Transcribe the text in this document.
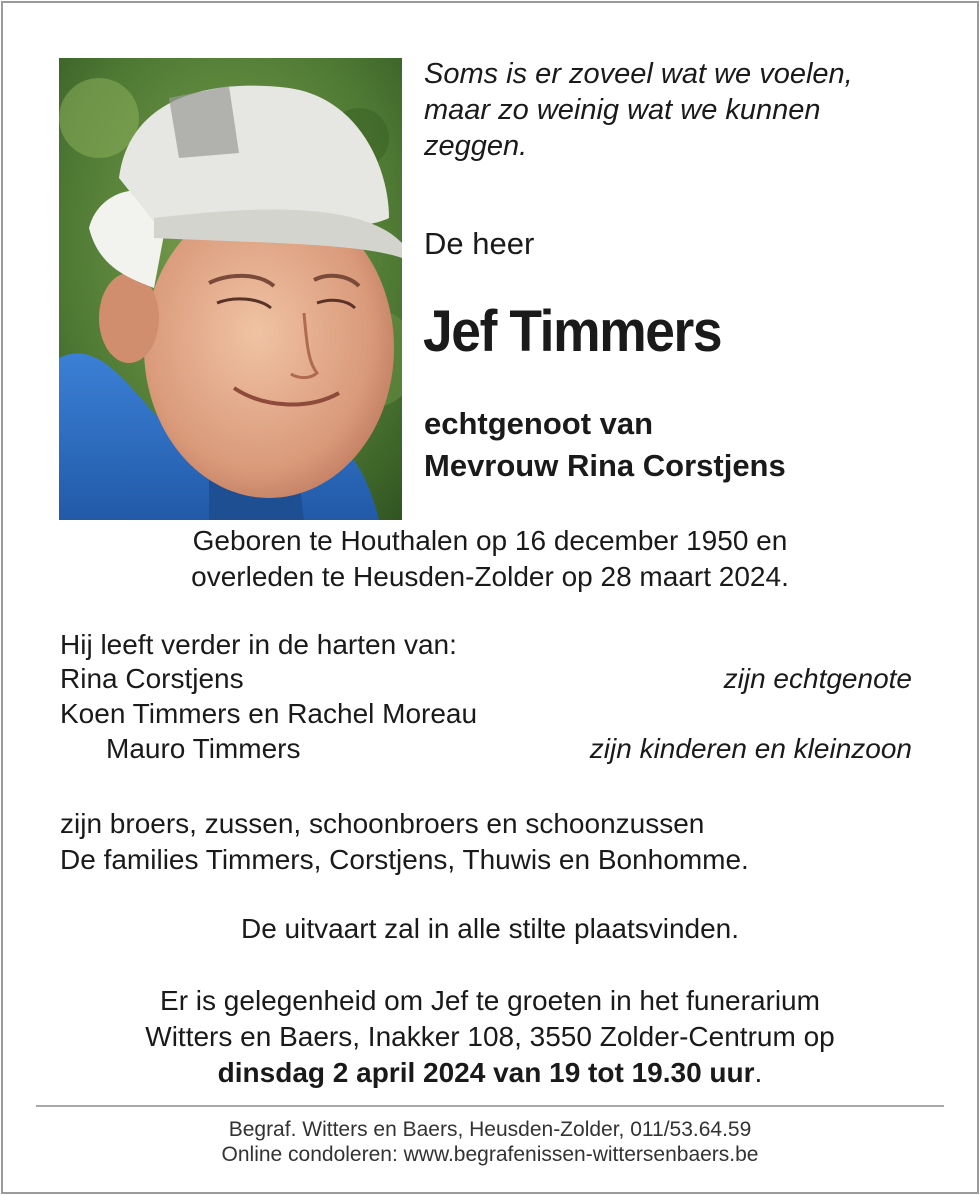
Soms is er zoveel wat we voelen,
maar zo weinig wat we kunnen
zeggen.
De heer
Jef Timmers
echtgenoot van
Mevrouw Rina Corstjens
Geboren te Houthalen op 16 december 1950 en
overleden te Heusden-Zolder op 28 maart 2024.
Hij leeft verder in de harten van:
Rina Corstjens	zijn echtgenote
Koen Timmers en Rachel Moreau
Mauro Timmers	zijn kinderen en kleinzoon
zijn broers, zussen, schoonbroers en schoonzussen
De families Timmers, Corstjens, Thuwis en Bonhomme.
De uitvaart zal in alle stilte plaatsvinden.
Er is gelegenheid om Jef te groeten in het funerarium
Witters en Baers, Inakker 108, 3550 Zolder-Centrum op
dinsdag 2 april 2024 van 19 tot 19.30 uur.
Begraf. Witters en Baers, Heusden-Zolder, 011/53.64.59
Online condoleren: www.begrafenissen-wittersenbaers.be
